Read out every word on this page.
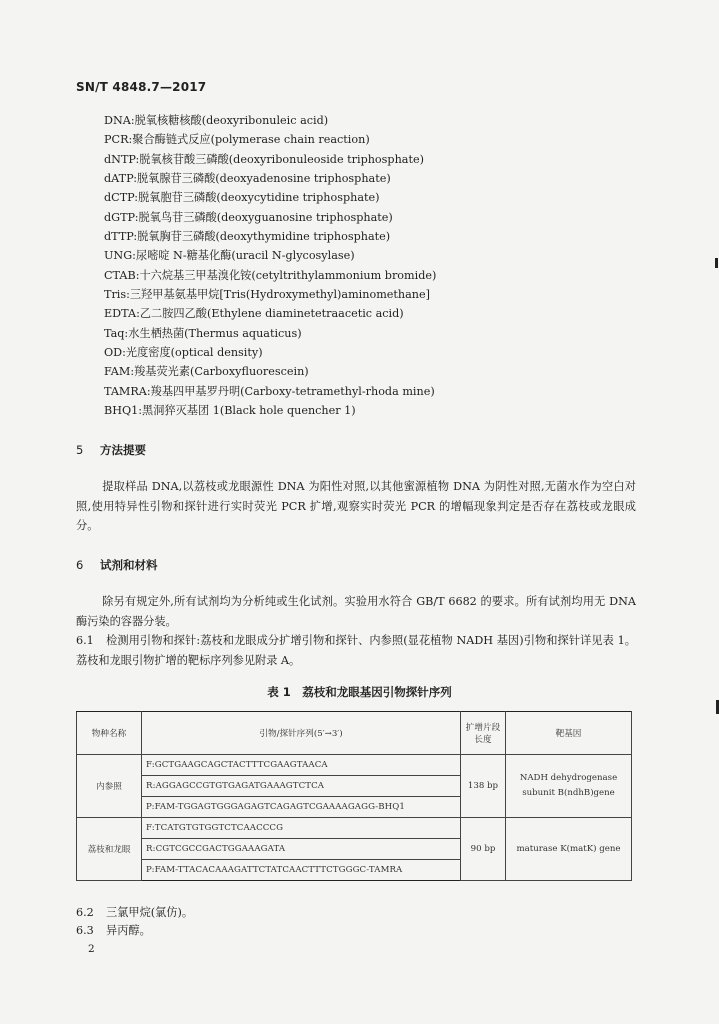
SN/T 4848.7—2017
DNA:脱氧核糖核酸(deoxyribonuleic acid)
PCR:聚合酶链式反应(polymerase chain reaction)
dNTP:脱氧核苷酸三磷酸(deoxyribonuleoside triphosphate)
dATP:脱氧腺苷三磷酸(deoxyadenosine triphosphate)
dCTP:脱氧胞苷三磷酸(deoxycytidine triphosphate)
dGTP:脱氧鸟苷三磷酸(deoxyguanosine triphosphate)
dTTP:脱氧胸苷三磷酸(deoxythymidine triphosphate)
UNG:尿嘧啶 N-糖基化酶(uracil N-glycosylase)
CTAB:十六烷基三甲基溴化铵(cetyltrithylammonium bromide)
Tris:三羟甲基氨基甲烷[Tris(Hydroxymethyl)aminomethane]
EDTA:乙二胺四乙酸(Ethylene diaminetetraacetic acid)
Taq:水生栖热菌(Thermus aquaticus)
OD:光度密度(optical density)
FAM:羧基荧光素(Carboxyfluorescein)
TAMRA:羧基四甲基罗丹明(Carboxy-tetramethyl-rhoda mine)
BHQ1:黑洞猝灭基团 1(Black hole quencher 1)
5 方法提要
提取样品 DNA,以荔枝或龙眼源性 DNA 为阳性对照,以其他蜜源植物 DNA 为阴性对照,无菌水作为空白对照,使用特异性引物和探针进行实时荧光 PCR 扩增,观察实时荧光 PCR 的增幅现象判定是否存在荔枝或龙眼成分。
6 试剂和材料
除另有规定外,所有试剂均为分析纯或生化试剂。实验用水符合 GB/T 6682 的要求。所有试剂均用无 DNA 酶污染的容器分装。
6.1 检测用引物和探针:荔枝和龙眼成分扩增引物和探针、内参照(显花植物 NADH 基因)引物和探针详见表 1。荔枝和龙眼引物扩增的靶标序列参见附录 A。
表 1　荔枝和龙眼基因引物探针序列
物种名称	引物/探针序列(5′→3′)	扩增片段长度	靶基因
内参照	F:GCTGAAGCAGCTACTTTCGAAGTAACA	138 bp	NADH dehydrogenase subunit B(ndhB)gene
	R:AGGAGCCGTGTGAGATGAAAGTCTCA		
	P:FAM-TGGAGTGGGAGAGTCAGAGTCGAAAAGAGG-BHQ1		
荔枝和龙眼	F:TCATGTGTGGTCTCAACCCG	90 bp	maturase K(matK) gene
	R:CGTCGCCGACTGGAAAGATA		
	P:FAM-TTACACAAAGATTCTATCAACTTTCTGGGC-TAMRA		
6.2 三氯甲烷(氯仿)。
6.3 异丙醇。
2
